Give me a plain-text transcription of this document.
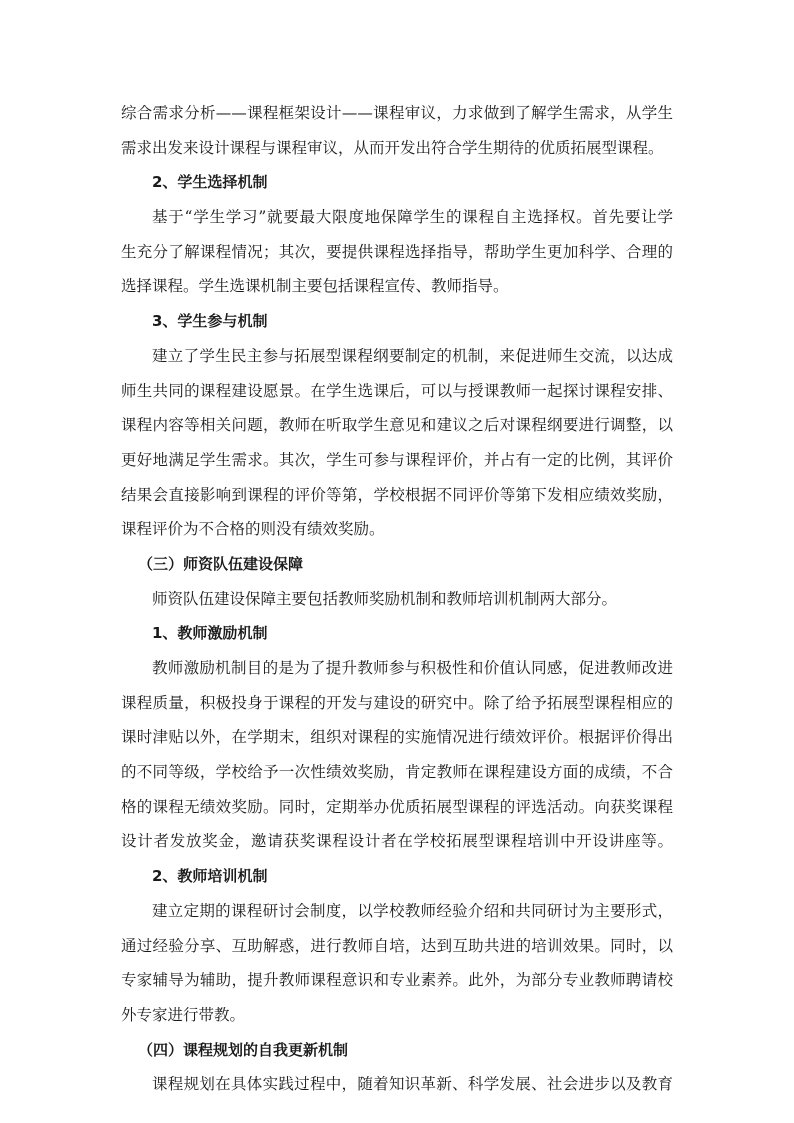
综合需求分析——课程框架设计——课程审议，力求做到了解学生需求，从学生
需求出发来设计课程与课程审议，从而开发出符合学生期待的优质拓展型课程。
2、学生选择机制
基于“学生学习”就要最大限度地保障学生的课程自主选择权。首先要让学
生充分了解课程情况；其次，要提供课程选择指导，帮助学生更加科学、合理的
选择课程。学生选课机制主要包括课程宣传、教师指导。
3、学生参与机制
建立了学生民主参与拓展型课程纲要制定的机制，来促进师生交流，以达成
师生共同的课程建设愿景。在学生选课后，可以与授课教师一起探讨课程安排、
课程内容等相关问题，教师在听取学生意见和建议之后对课程纲要进行调整，以
更好地满足学生需求。其次，学生可参与课程评价，并占有一定的比例，其评价
结果会直接影响到课程的评价等第，学校根据不同评价等第下发相应绩效奖励，
课程评价为不合格的则没有绩效奖励。
（三）师资队伍建设保障
师资队伍建设保障主要包括教师奖励机制和教师培训机制两大部分。
1、教师激励机制
教师激励机制目的是为了提升教师参与积极性和价值认同感，促进教师改进
课程质量，积极投身于课程的开发与建设的研究中。除了给予拓展型课程相应的
课时津贴以外，在学期末，组织对课程的实施情况进行绩效评价。根据评价得出
的不同等级，学校给予一次性绩效奖励，肯定教师在课程建设方面的成绩，不合
格的课程无绩效奖励。同时，定期举办优质拓展型课程的评选活动。向获奖课程
设计者发放奖金，邀请获奖课程设计者在学校拓展型课程培训中开设讲座等。
2、教师培训机制
建立定期的课程研讨会制度，以学校教师经验介绍和共同研讨为主要形式，
通过经验分享、互助解惑，进行教师自培，达到互助共进的培训效果。同时，以
专家辅导为辅助，提升教师课程意识和专业素养。此外，为部分专业教师聘请校
外专家进行带教。
（四）课程规划的自我更新机制
课程规划在具体实践过程中，随着知识革新、科学发展、社会进步以及教育
